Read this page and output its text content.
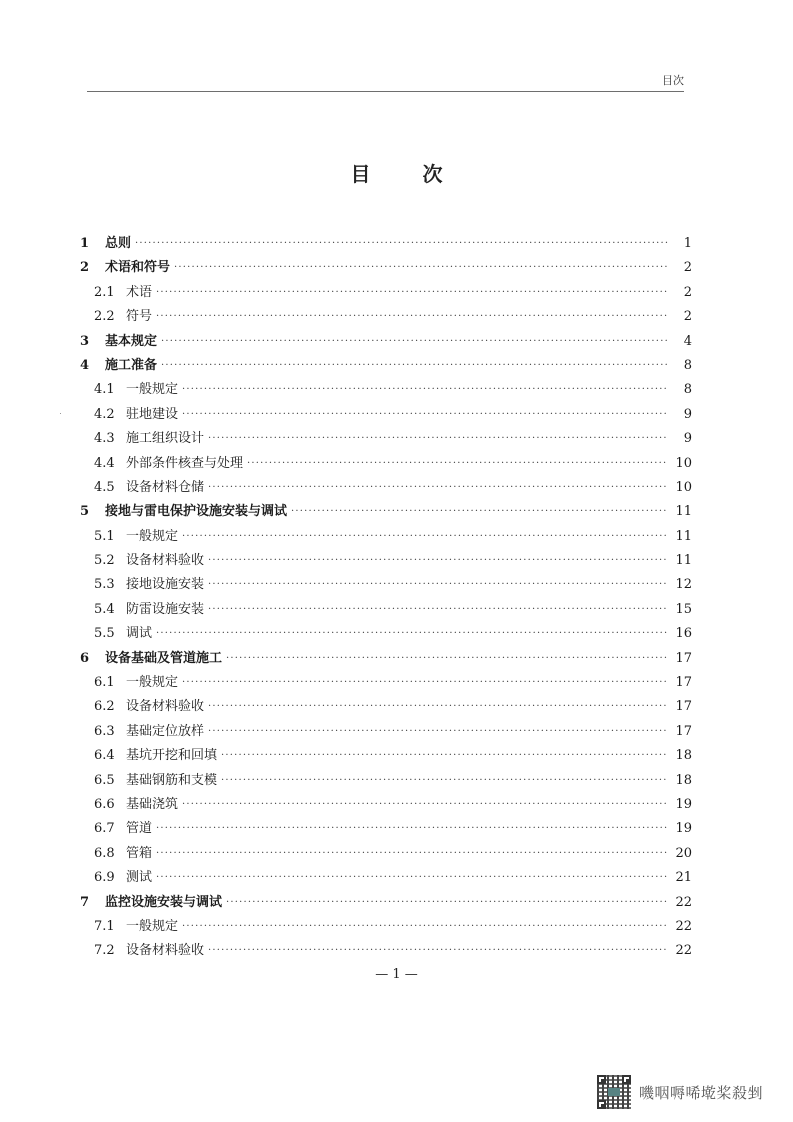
目次
目	次
1	总则 ·····	1
2	术语和符号 ·····	2
2.1 术语 ·····	2
2.2 符号 ·····	2
3	基本规定 ·····	4
4	施工准备 ·····	8
4.1 一般规定 ·····	8
4.2 驻地建设 ·····	9
4.3 施工组织设计 ·····	9
4.4 外部条件核查与处理 ·····	10
4.5 设备材料仓储 ·····	10
5	接地与雷电保护设施安装与调试 ·····	11
5.1 一般规定 ·····	11
5.2 设备材料验收 ·····	11
5.3 接地设施安装 ·····	12
5.4 防雷设施安装 ·····	15
5.5 调试 ·····	16
6	设备基础及管道施工 ·····	17
6.1 一般规定 ·····	17
6.2 设备材料验收 ·····	17
6.3 基础定位放样 ·····	17
6.4 基坑开挖和回填 ·····	18
6.5 基础钢筋和支模 ·····	18
6.6 基础浇筑 ·····	19
6.7 管道 ·····	19
6.8 管箱 ·····	20
6.9 测试 ·····	21
7	监控设施安装与调试 ·····	22
7.1 一般规定 ·····	22
7.2 设备材料验收 ·····	22
— 1 —
嘰咽嗕唏墘桨殺剉
